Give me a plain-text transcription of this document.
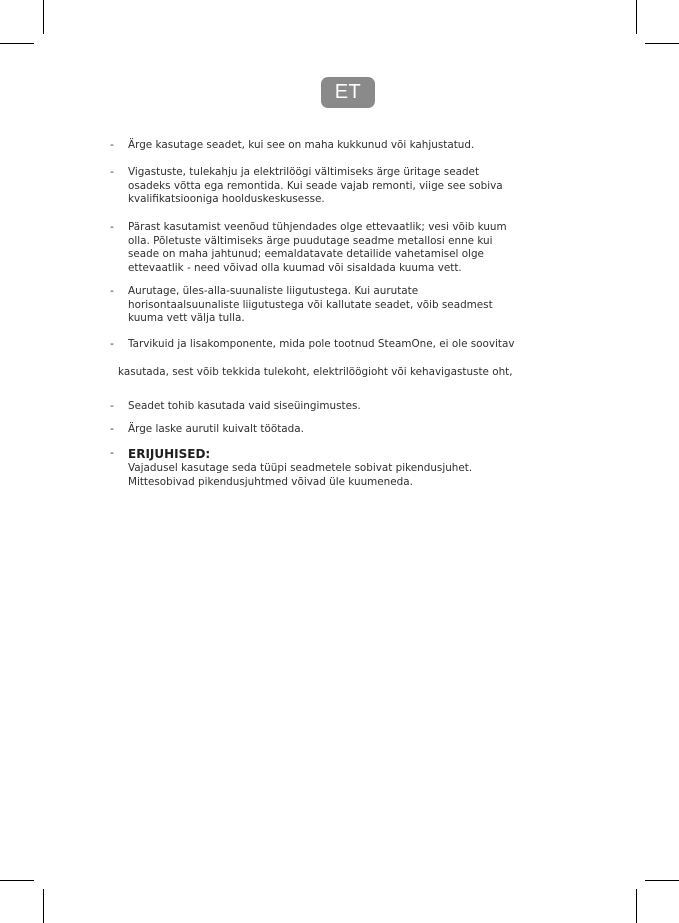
ET
-	Ärge kasutage seadet, kui see on maha kukkunud või kahjustatud.
-	Vigastuste, tulekahju ja elektrilöögi vältimiseks ärge üritage seadet
osadeks võtta ega remontida. Kui seade vajab remonti, viige see sobiva
kvalifikatsiooniga hoolduskeskusesse.
-	Pärast kasutamist veenõud tühjendades olge ettevaatlik; vesi võib kuum
olla. Põletuste vältimiseks ärge puudutage seadme metallosi enne kui
seade on maha jahtunud; eemaldatavate detailide vahetamisel olge
ettevaatlik - need võivad olla kuumad või sisaldada kuuma vett.
-	Aurutage, üles-alla-suunaliste liigutustega. Kui aurutate
horisontaalsuunaliste liigutustega või kallutate seadet, võib seadmest
kuuma vett välja tulla.
-	Tarvikuid ja lisakomponente, mida pole tootnud SteamOne, ei ole soovitav
kasutada, sest võib tekkida tulekoht, elektrilöögioht või kehavigastuste oht,
-	Seadet tohib kasutada vaid siseüingimustes.
-	Ärge laske aurutil kuivalt töötada.
-	ERIJUHISED:
Vajadusel kasutage seda tüüpi seadmetele sobivat pikendusjuhet.
Mittesobivad pikendusjuhtmed võivad üle kuumeneda.
